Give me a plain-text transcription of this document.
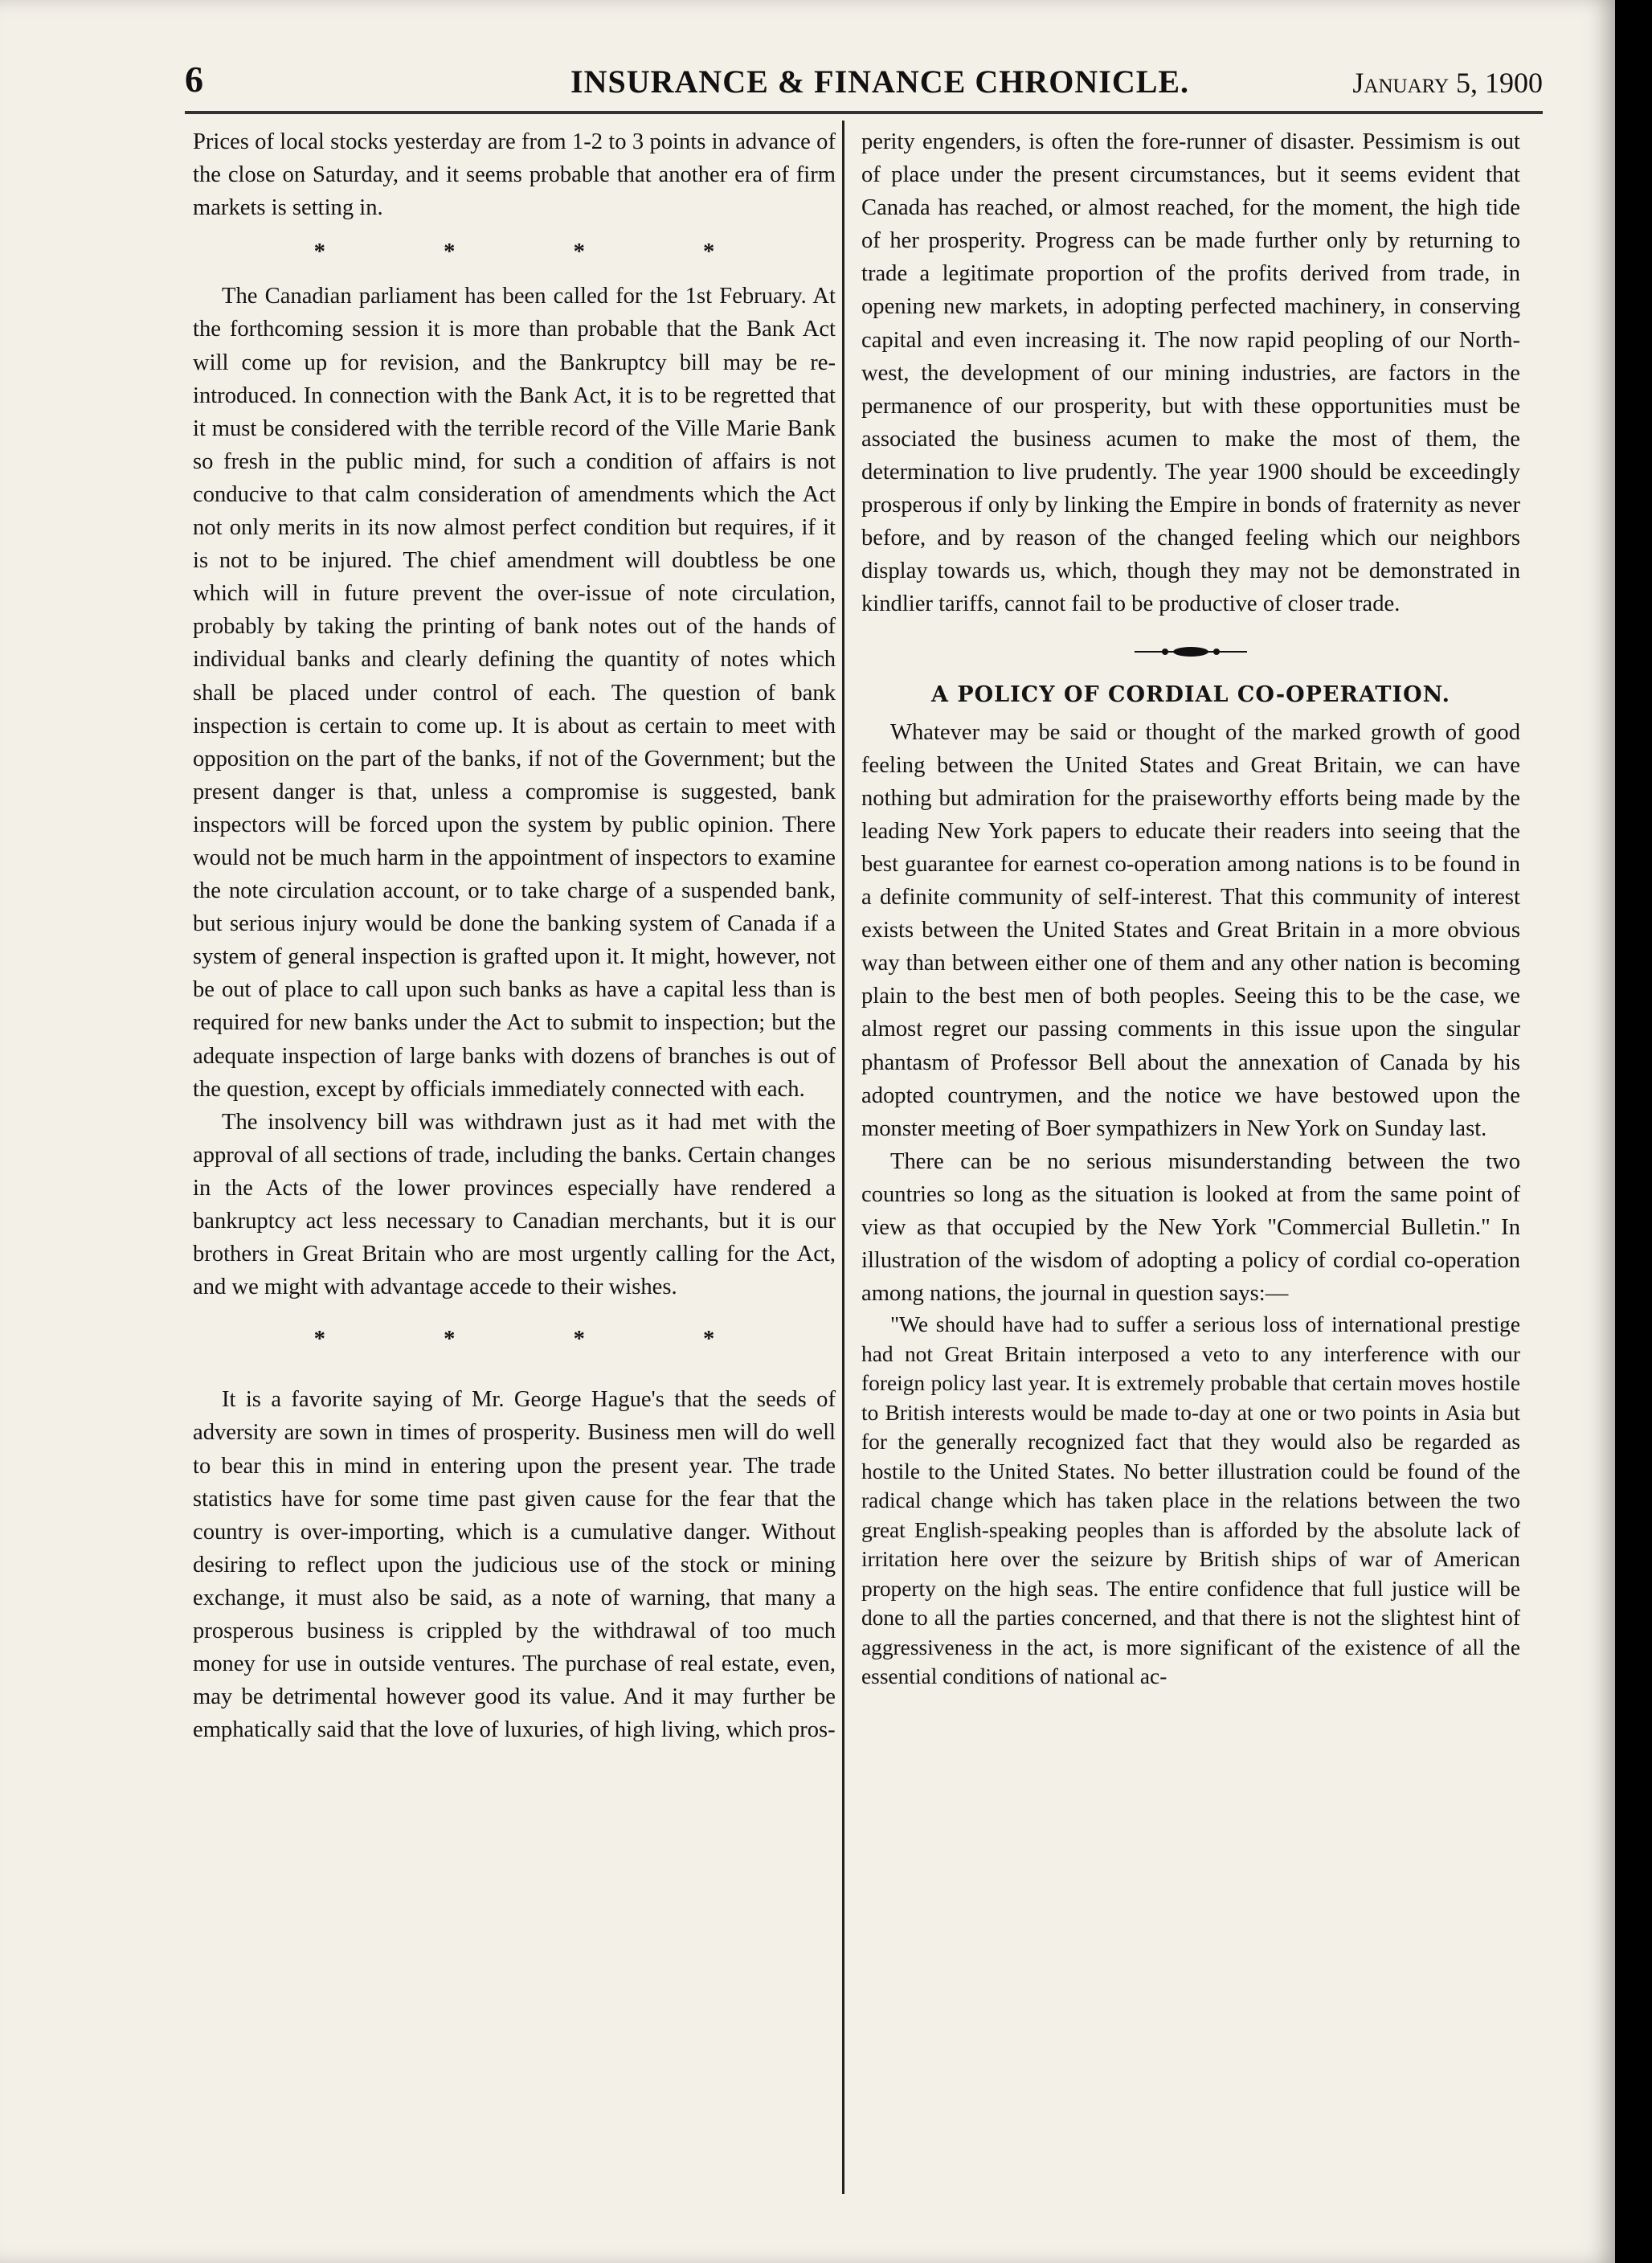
6	INSURANCE & FINANCE CHRONICLE.	January 5, 1900

Prices of local stocks yesterday are from 1-2 to 3 points in advance of the close on Saturday, and it seems probable that another era of firm markets is setting in.

* * * *

The Canadian parliament has been called for the 1st February. At the forthcoming session it is more than probable that the Bank Act will come up for revision, and the Bankruptcy bill may be re-introduced. In connection with the Bank Act, it is to be regretted that it must be considered with the terrible record of the Ville Marie Bank so fresh in the public mind, for such a condition of affairs is not conducive to that calm consideration of amendments which the Act not only merits in its now almost perfect condition but requires, if it is not to be injured. The chief amendment will doubtless be one which will in future prevent the over-issue of note circulation, probably by taking the printing of bank notes out of the hands of individual banks and clearly defining the quantity of notes which shall be placed under control of each. The question of bank inspection is certain to come up. It is about as certain to meet with opposition on the part of the banks, if not of the Government; but the present danger is that, unless a compromise is suggested, bank inspectors will be forced upon the system by public opinion. There would not be much harm in the appointment of inspectors to examine the note circulation account, or to take charge of a suspended bank, but serious injury would be done the banking system of Canada if a system of general inspection is grafted upon it. It might, however, not be out of place to call upon such banks as have a capital less than is required for new banks under the Act to submit to inspection; but the adequate inspection of large banks with dozens of branches is out of the question, except by officials immediately connected with each.

The insolvency bill was withdrawn just as it had met with the approval of all sections of trade, including the banks. Certain changes in the Acts of the lower provinces especially have rendered a bankruptcy act less necessary to Canadian merchants, but it is our brothers in Great Britain who are most urgently calling for the Act, and we might with advantage accede to their wishes.

* * * *

It is a favorite saying of Mr. George Hague's that the seeds of adversity are sown in times of prosperity. Business men will do well to bear this in mind in entering upon the present year. The trade statistics have for some time past given cause for the fear that the country is over-importing, which is a cumulative danger. Without desiring to reflect upon the judicious use of the stock or mining exchange, it must also be said, as a note of warning, that many a prosperous business is crippled by the withdrawal of too much money for use in outside ventures. The purchase of real estate, even, may be detrimental however good its value. And it may further be emphatically said that the love of luxuries, of high living, which pros-

perity engenders, is often the fore-runner of disaster. Pessimism is out of place under the present circumstances, but it seems evident that Canada has reached, or almost reached, for the moment, the high tide of her prosperity. Progress can be made further only by returning to trade a legitimate proportion of the profits derived from trade, in opening new markets, in adopting perfected machinery, in conserving capital and even increasing it. The now rapid peopling of our North-west, the development of our mining industries, are factors in the permanence of our prosperity, but with these opportunities must be associated the business acumen to make the most of them, the determination to live prudently. The year 1900 should be exceedingly prosperous if only by linking the Empire in bonds of fraternity as never before, and by reason of the changed feeling which our neighbors display towards us, which, though they may not be demonstrated in kindlier tariffs, cannot fail to be productive of closer trade.

A POLICY OF CORDIAL CO-OPERATION.

Whatever may be said or thought of the marked growth of good feeling between the United States and Great Britain, we can have nothing but admiration for the praiseworthy efforts being made by the leading New York papers to educate their readers into seeing that the best guarantee for earnest co-operation among nations is to be found in a definite community of self-interest. That this community of interest exists between the United States and Great Britain in a more obvious way than between either one of them and any other nation is becoming plain to the best men of both peoples. Seeing this to be the case, we almost regret our passing comments in this issue upon the singular phantasm of Professor Bell about the annexation of Canada by his adopted countrymen, and the notice we have bestowed upon the monster meeting of Boer sympathizers in New York on Sunday last.

There can be no serious misunderstanding between the two countries so long as the situation is looked at from the same point of view as that occupied by the New York "Commercial Bulletin." In illustration of the wisdom of adopting a policy of cordial co-operation among nations, the journal in question says:—

"We should have had to suffer a serious loss of international prestige had not Great Britain interposed a veto to any interference with our foreign policy last year. It is extremely probable that certain moves hostile to British interests would be made to-day at one or two points in Asia but for the generally recognized fact that they would also be regarded as hostile to the United States. No better illustration could be found of the radical change which has taken place in the relations between the two great English-speaking peoples than is afforded by the absolute lack of irritation here over the seizure by British ships of war of American property on the high seas. The entire confidence that full justice will be done to all the parties concerned, and that there is not the slightest hint of aggressiveness in the act, is more significant of the existence of all the essential conditions of national ac-
